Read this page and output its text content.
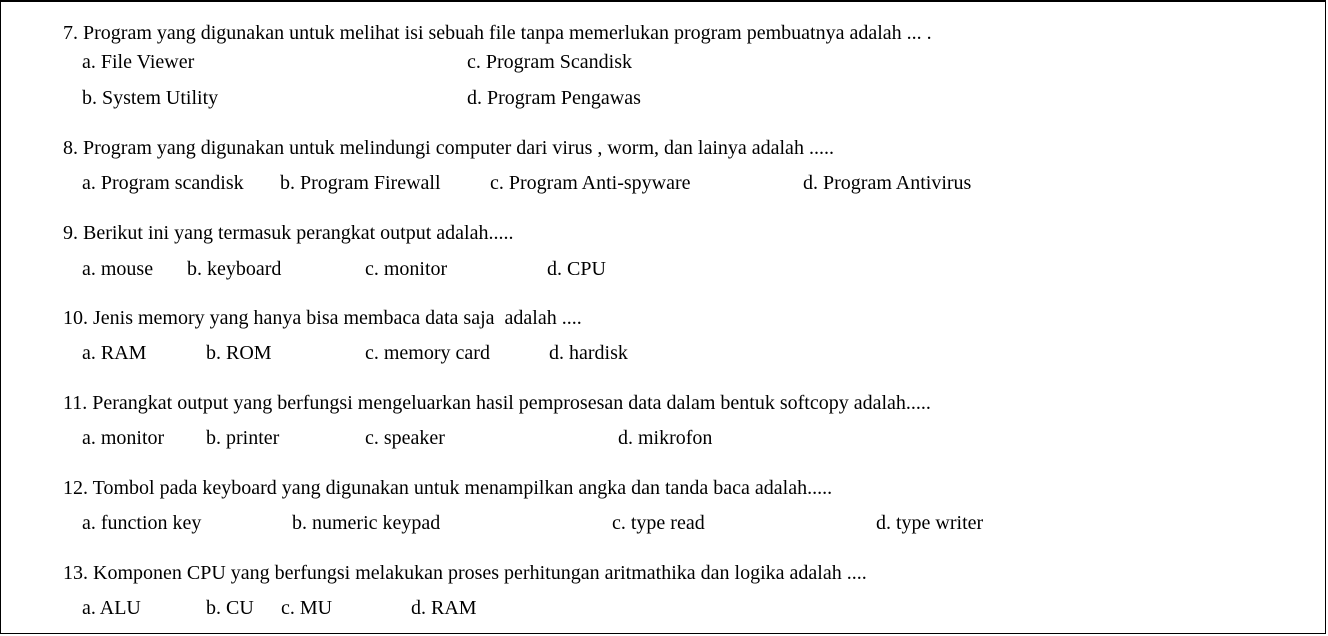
7. Program yang digunakan untuk melihat isi sebuah file tanpa memerlukan program pembuatnya adalah ... .
a. File Viewer
b. System Utility
c. Program Scandisk
d. Program Pengawas
8. Program yang digunakan untuk melindungi computer dari virus , worm, dan lainya adalah .....
a. Program scandisk b. Program Firewall c. Program Anti-spyware	d. Program Antivirus
9. Berikut ini yang termasuk perangkat output adalah.....
a. mouse b. keyboard	c. monitor	d. CPU
10. Jenis memory yang hanya bisa membaca data saja  adalah ....
a. RAM	b. ROM	c. memory card	d. hardisk
11. Perangkat output yang berfungsi mengeluarkan hasil pemprosesan data dalam bentuk softcopy adalah.....
a. monitor b. printer	c. speaker	d. mikrofon
12. Tombol pada keyboard yang digunakan untuk menampilkan angka dan tanda baca adalah.....
a. function key	b. numeric keypad	c. type read	d. type writer
13. Komponen CPU yang berfungsi melakukan proses perhitungan aritmathika dan logika adalah ....
a. ALU	b. CU c. MU	d. RAM
